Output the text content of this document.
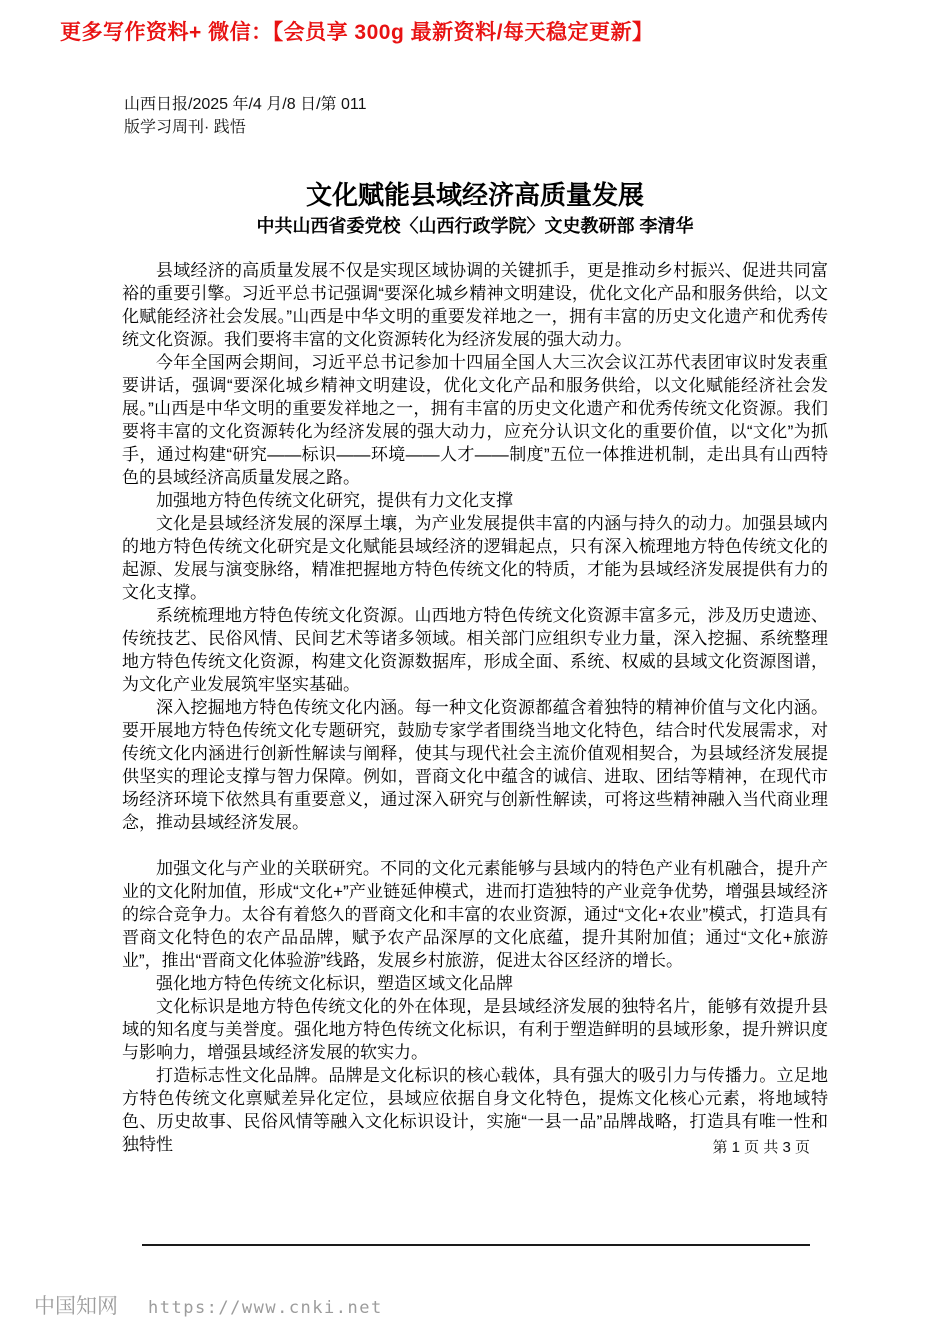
更多写作资料+ 微信：【会员享 300g 最新资料/每天稳定更新】
山西日报/2025 年/4 月/8 日/第 011
版学习周刊· 践悟
文化赋能县域经济高质量发展
中共山西省委党校〈山西行政学院〉文史教研部 李清华

县域经济的高质量发展不仅是实现区域协调的关键抓手，更是推动乡村振兴、促进共同富裕的重要引擎。习近平总书记强调“要深化城乡精神文明建设，优化文化产品和服务供给，以文化赋能经济社会发展。”山西是中华文明的重要发祥地之一，拥有丰富的历史文化遗产和优秀传统文化资源。我们要将丰富的文化资源转化为经济发展的强大动力。

今年全国两会期间，习近平总书记参加十四届全国人大三次会议江苏代表团审议时发表重要讲话，强调“要深化城乡精神文明建设，优化文化产品和服务供给，以文化赋能经济社会发展。”山西是中华文明的重要发祥地之一，拥有丰富的历史文化遗产和优秀传统文化资源。我们要将丰富的文化资源转化为经济发展的强大动力，应充分认识文化的重要价值，以“文化”为抓手，通过构建“研究——标识——环境——人才——制度”五位一体推进机制，走出具有山西特色的县域经济高质量发展之路。

加强地方特色传统文化研究，提供有力文化支撑

文化是县域经济发展的深厚土壤，为产业发展提供丰富的内涵与持久的动力。加强县域内的地方特色传统文化研究是文化赋能县域经济的逻辑起点，只有深入梳理地方特色传统文化的起源、发展与演变脉络，精准把握地方特色传统文化的特质，才能为县域经济发展提供有力的文化支撑。

系统梳理地方特色传统文化资源。山西地方特色传统文化资源丰富多元，涉及历史遗迹、传统技艺、民俗风情、民间艺术等诸多领域。相关部门应组织专业力量，深入挖掘、系统整理地方特色传统文化资源，构建文化资源数据库，形成全面、系统、权威的县域文化资源图谱，为文化产业发展筑牢坚实基础。

深入挖掘地方特色传统文化内涵。每一种文化资源都蕴含着独特的精神价值与文化内涵。要开展地方特色传统文化专题研究，鼓励专家学者围绕当地文化特色，结合时代发展需求，对传统文化内涵进行创新性解读与阐释，使其与现代社会主流价值观相契合，为县域经济发展提供坚实的理论支撑与智力保障。例如，晋商文化中蕴含的诚信、进取、团结等精神，在现代市场经济环境下依然具有重要意义，通过深入研究与创新性解读，可将这些精神融入当代商业理念，推动县域经济发展。

加强文化与产业的关联研究。不同的文化元素能够与县域内的特色产业有机融合，提升产业的文化附加值，形成“文化+”产业链延伸模式，进而打造独特的产业竞争优势，增强县域经济的综合竞争力。太谷有着悠久的晋商文化和丰富的农业资源，通过“文化+农业”模式，打造具有晋商文化特色的农产品品牌，赋予农产品深厚的文化底蕴，提升其附加值；通过“文化+旅游业”，推出“晋商文化体验游”线路，发展乡村旅游，促进太谷区经济的增长。

强化地方特色传统文化标识，塑造区域文化品牌

文化标识是地方特色传统文化的外在体现，是县域经济发展的独特名片，能够有效提升县域的知名度与美誉度。强化地方特色传统文化标识，有利于塑造鲜明的县域形象，提升辨识度与影响力，增强县域经济发展的软实力。

打造标志性文化品牌。品牌是文化标识的核心载体，具有强大的吸引力与传播力。立足地方特色传统文化禀赋差异化定位，县域应依据自身文化特色，提炼文化核心元素，将地域特色、历史故事、民俗风情等融入文化标识设计，实施“一县一品”品牌战略，打造具有唯一性和独特性	第 1 页 共 3 页
中国知网 https://www.cnki.net
